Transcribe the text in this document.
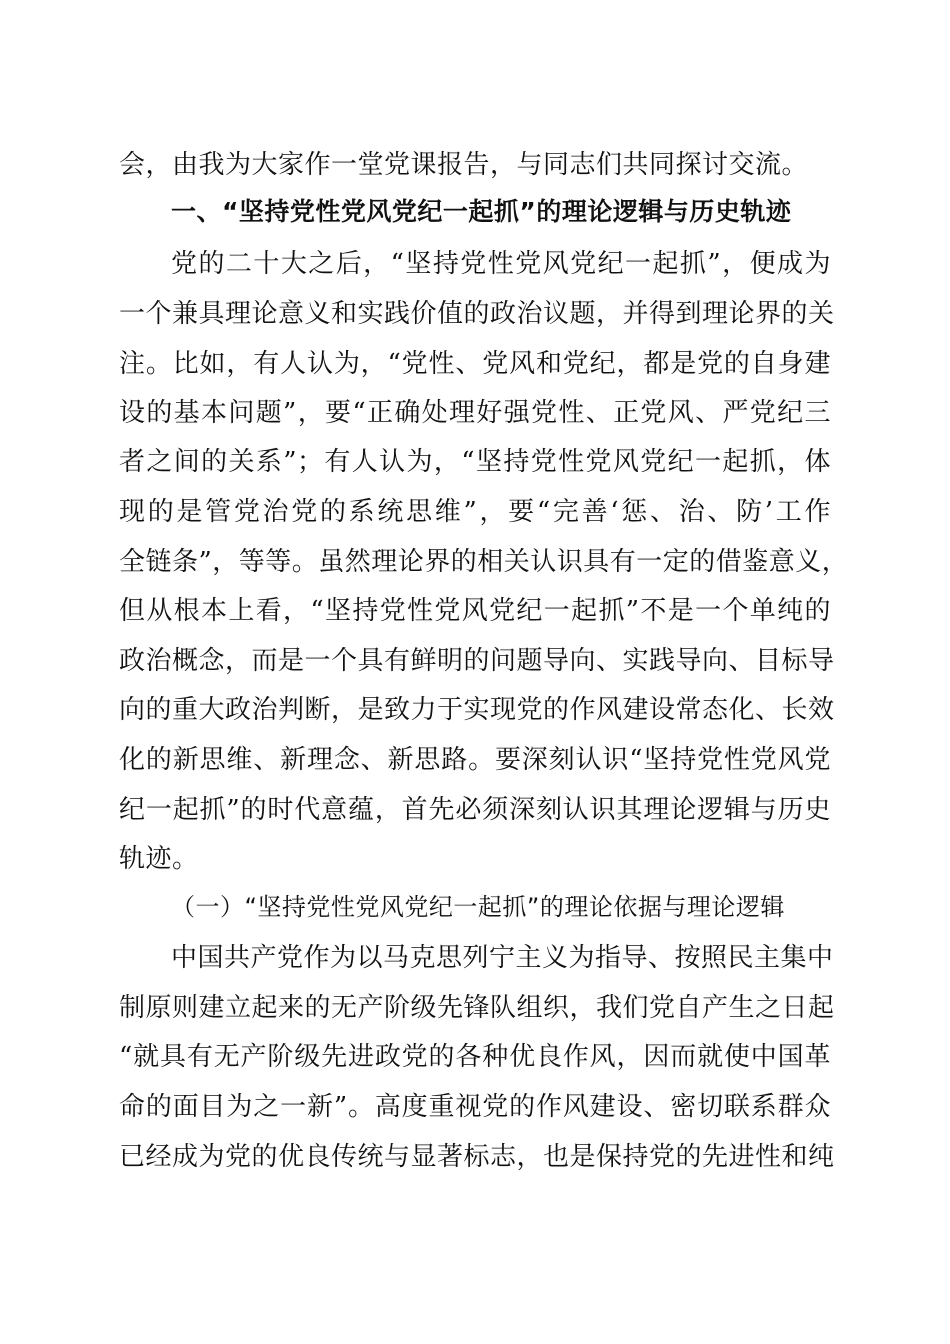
会，由我为大家作一堂党课报告，与同志们共同探讨交流。
一、“坚持党性党风党纪一起抓”的理论逻辑与历史轨迹
党的二十大之后，“坚持党性党风党纪一起抓”，便成为
一个兼具理论意义和实践价值的政治议题，并得到理论界的关
注。比如，有人认为，“党性、党风和党纪，都是党的自身建
设的基本问题”，要“正确处理好强党性、正党风、严党纪三
者之间的关系”；有人认为，“坚持党性党风党纪一起抓，体
现的是管党治党的系统思维”，要“完善‘惩、治、防’工作
全链条”，等等。虽然理论界的相关认识具有一定的借鉴意义，
但从根本上看，“坚持党性党风党纪一起抓”不是一个单纯的
政治概念，而是一个具有鲜明的问题导向、实践导向、目标导
向的重大政治判断，是致力于实现党的作风建设常态化、长效
化的新思维、新理念、新思路。要深刻认识“坚持党性党风党
纪一起抓”的时代意蕴，首先必须深刻认识其理论逻辑与历史
轨迹。
（一）“坚持党性党风党纪一起抓”的理论依据与理论逻辑
中国共产党作为以马克思列宁主义为指导、按照民主集中
制原则建立起来的无产阶级先锋队组织，我们党自产生之日起
“就具有无产阶级先进政党的各种优良作风，因而就使中国革
命的面目为之一新”。高度重视党的作风建设、密切联系群众
已经成为党的优良传统与显著标志，也是保持党的先进性和纯
